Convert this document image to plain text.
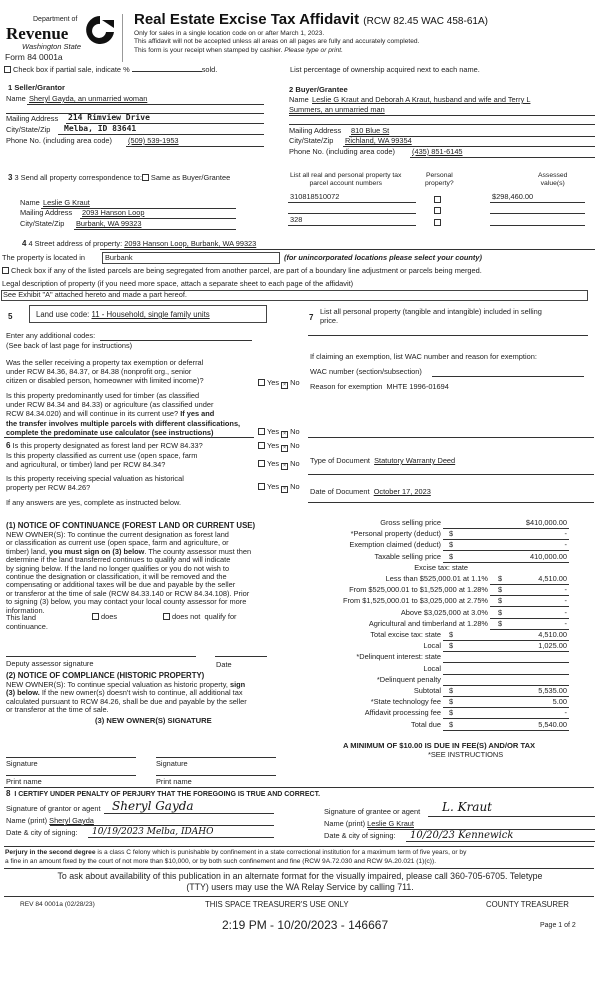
Department of
Revenue
Washington State
Form 84 0001a
Real Estate Excise Tax Affidavit (RCW 82.45 WAC 458-61A)
Only for sales in a single location code on or after March 1, 2023.
This affidavit will not be accepted unless all areas on all pages are fully and accurately completed.
This form is your receipt when stamped by cashier. Please type or print.
Check box if partial sale, indicate %	sold.	List percentage of ownership acquired next to each name.
1 Seller/Grantor
Name Sheryl Gayda, an unmarried woman
Mailing Address 214 Rimview Drive
City/State/Zip Melba, ID 83641
Phone No. (including area code) (509) 539-1953
2 Buyer/Grantee
Name Leslie G Kraut and Deborah A Kraut, husband and wife and Terry L
Summers, an unmarried man
Mailing Address 810 Blue St
City/State/Zip Richland, WA 99354
Phone No. (including area code) (435) 851-6145
3 3 Send all property correspondence to: Same as Buyer/Grantee
Name Leslie G Kraut
Mailing Address 2093 Hanson Loop
City/State/Zip Burbank, WA 99323
List all real and personal property tax
parcel account numbers
Personal
property?
Assessed
value(s)
310818510072	$298,460.00
328
4 4 Street address of property: 2093 Hanson Loop, Burbank, WA 99323
The property is located in	Burbank	(for unincorporated locations please select your county)
Check box if any of the listed parcels are being segregated from another parcel, are part of a boundary line adjustment or parcels being merged.
Legal description of property (if you need more space, attach a separate sheet to each page of the affidavit)
See Exhibit "A" attached hereto and made a part hereof.
5	Land use code: 11 - Household, single family units
Enter any additional codes:
(See back of last page for instructions)
Was the seller receiving a property tax exemption or deferral
under RCW 84.36, 84.37, or 84.38 (nonprofit org., senior
citizen or disabled person, homeowner with limited income)?	Yes × No
Is this property predominantly used for timber (as classified
under RCW 84.34 and 84.33) or agriculture (as classified under
RCW 84.34.020) and will continue in its current use? If yes and
the transfer involves multiple parcels with different classifications,
complete the predominate use calculator (see instructions)	Yes × No
6 Is this property designated as forest land per RCW 84.33?	Yes × No
Is this property classified as current use (open space, farm
and agricultural, or timber) land per RCW 84.34?	Yes × No
Is this property receiving special valuation as historical
property per RCW 84.26?	Yes × No
If any answers are yes, complete as instructed below.
7
List all personal property (tangible and intangible) included in selling
price.
If claiming an exemption, list WAC number and reason for exemption:
WAC number (section/subsection)
Reason for exemption MHTE 1996-01694
Type of Document Statutory Warranty Deed
Date of Document October 17, 2023
(1) NOTICE OF CONTINUANCE (FOREST LAND OR CURRENT USE)
NEW OWNER(S): To continue the current designation as forest land
or classification as current use (open space, farm and agriculture, or
timber) land, you must sign on (3) below. The county assessor must then
determine if the land transferred continues to qualify and will indicate
by signing below. If the land no longer qualifies or you do not wish to
continue the designation or classification, it will be removed and the
compensating or additional taxes will be due and payable by the seller
or transferor at the time of sale (RCW 84.33.140 or RCW 84.34.108). Prior
to signing (3) below, you may contact your local county assessor for more
information.
This land
continuance.
does	does not qualify for
Deputy assessor signature	Date
(2) NOTICE OF COMPLIANCE (HISTORIC PROPERTY)
NEW OWNER(S): To continue special valuation as historic property, sign
(3) below. If the new owner(s) doesn't wish to continue, all additional tax
calculated pursuant to RCW 84.26, shall be due and payable by the seller
or transferor at the time of sale.
(3) NEW OWNER(S) SIGNATURE
Signature	Signature
Print name	Print name
Gross selling price	$410,000.00
*Personal property (deduct) $	-
Exemption claimed (deduct) $	-
Taxable selling price $	410,000.00
Excise tax: state
Less than $525,000.01 at 1.1% $	4,510.00
From $525,000.01 to $1,525,000 at 1.28% $	-
From $1,525,000.01 to $3,025,000 at 2.75% $	-
Above $3,025,000 at 3.0% $	-
Agricultural and timberland at 1.28% $	-
Total excise tax: state $	4,510.00
Local $	1,025.00
*Delinquent interest: state
Local
*Delinquent penalty
Subtotal $	5,535.00
*State technology fee $	5.00
Affidavit processing fee $	-
Total due $	5,540.00
A MINIMUM OF $10.00 IS DUE IN FEE(S) AND/OR TAX
*SEE INSTRUCTIONS
8 I CERTIFY UNDER PENALTY OF PERJURY THAT THE FOREGOING IS TRUE AND CORRECT.
Signature of grantor or agent Sheryl Gayda
Name (print) Sheryl Gayda
Date & city of signing: 10/19/2023 Melba, IDAHO
Signature of grantee or agent L. Kraut
Name (print) Leslie G Kraut
Date & city of signing: 10/20/23 Kennewick
Perjury in the second degree is a class C felony which is punishable by confinement in a state correctional institution for a maximum term of five years, or by
a fine in an amount fixed by the court of not more than $10,000, or by both such confinement and fine (RCW 9A.72.030 and RCW 9A.20.021 (1)(c)).
To ask about availability of this publication in an alternate format for the visually impaired, please call 360-705-6705. Teletype
(TTY) users may use the WA Relay Service by calling 711.
REV 84 0001a (02/28/23)	THIS SPACE TREASURER'S USE ONLY	COUNTY TREASURER
2:19 PM - 10/20/2023 - 146667	Page 1 of 2
